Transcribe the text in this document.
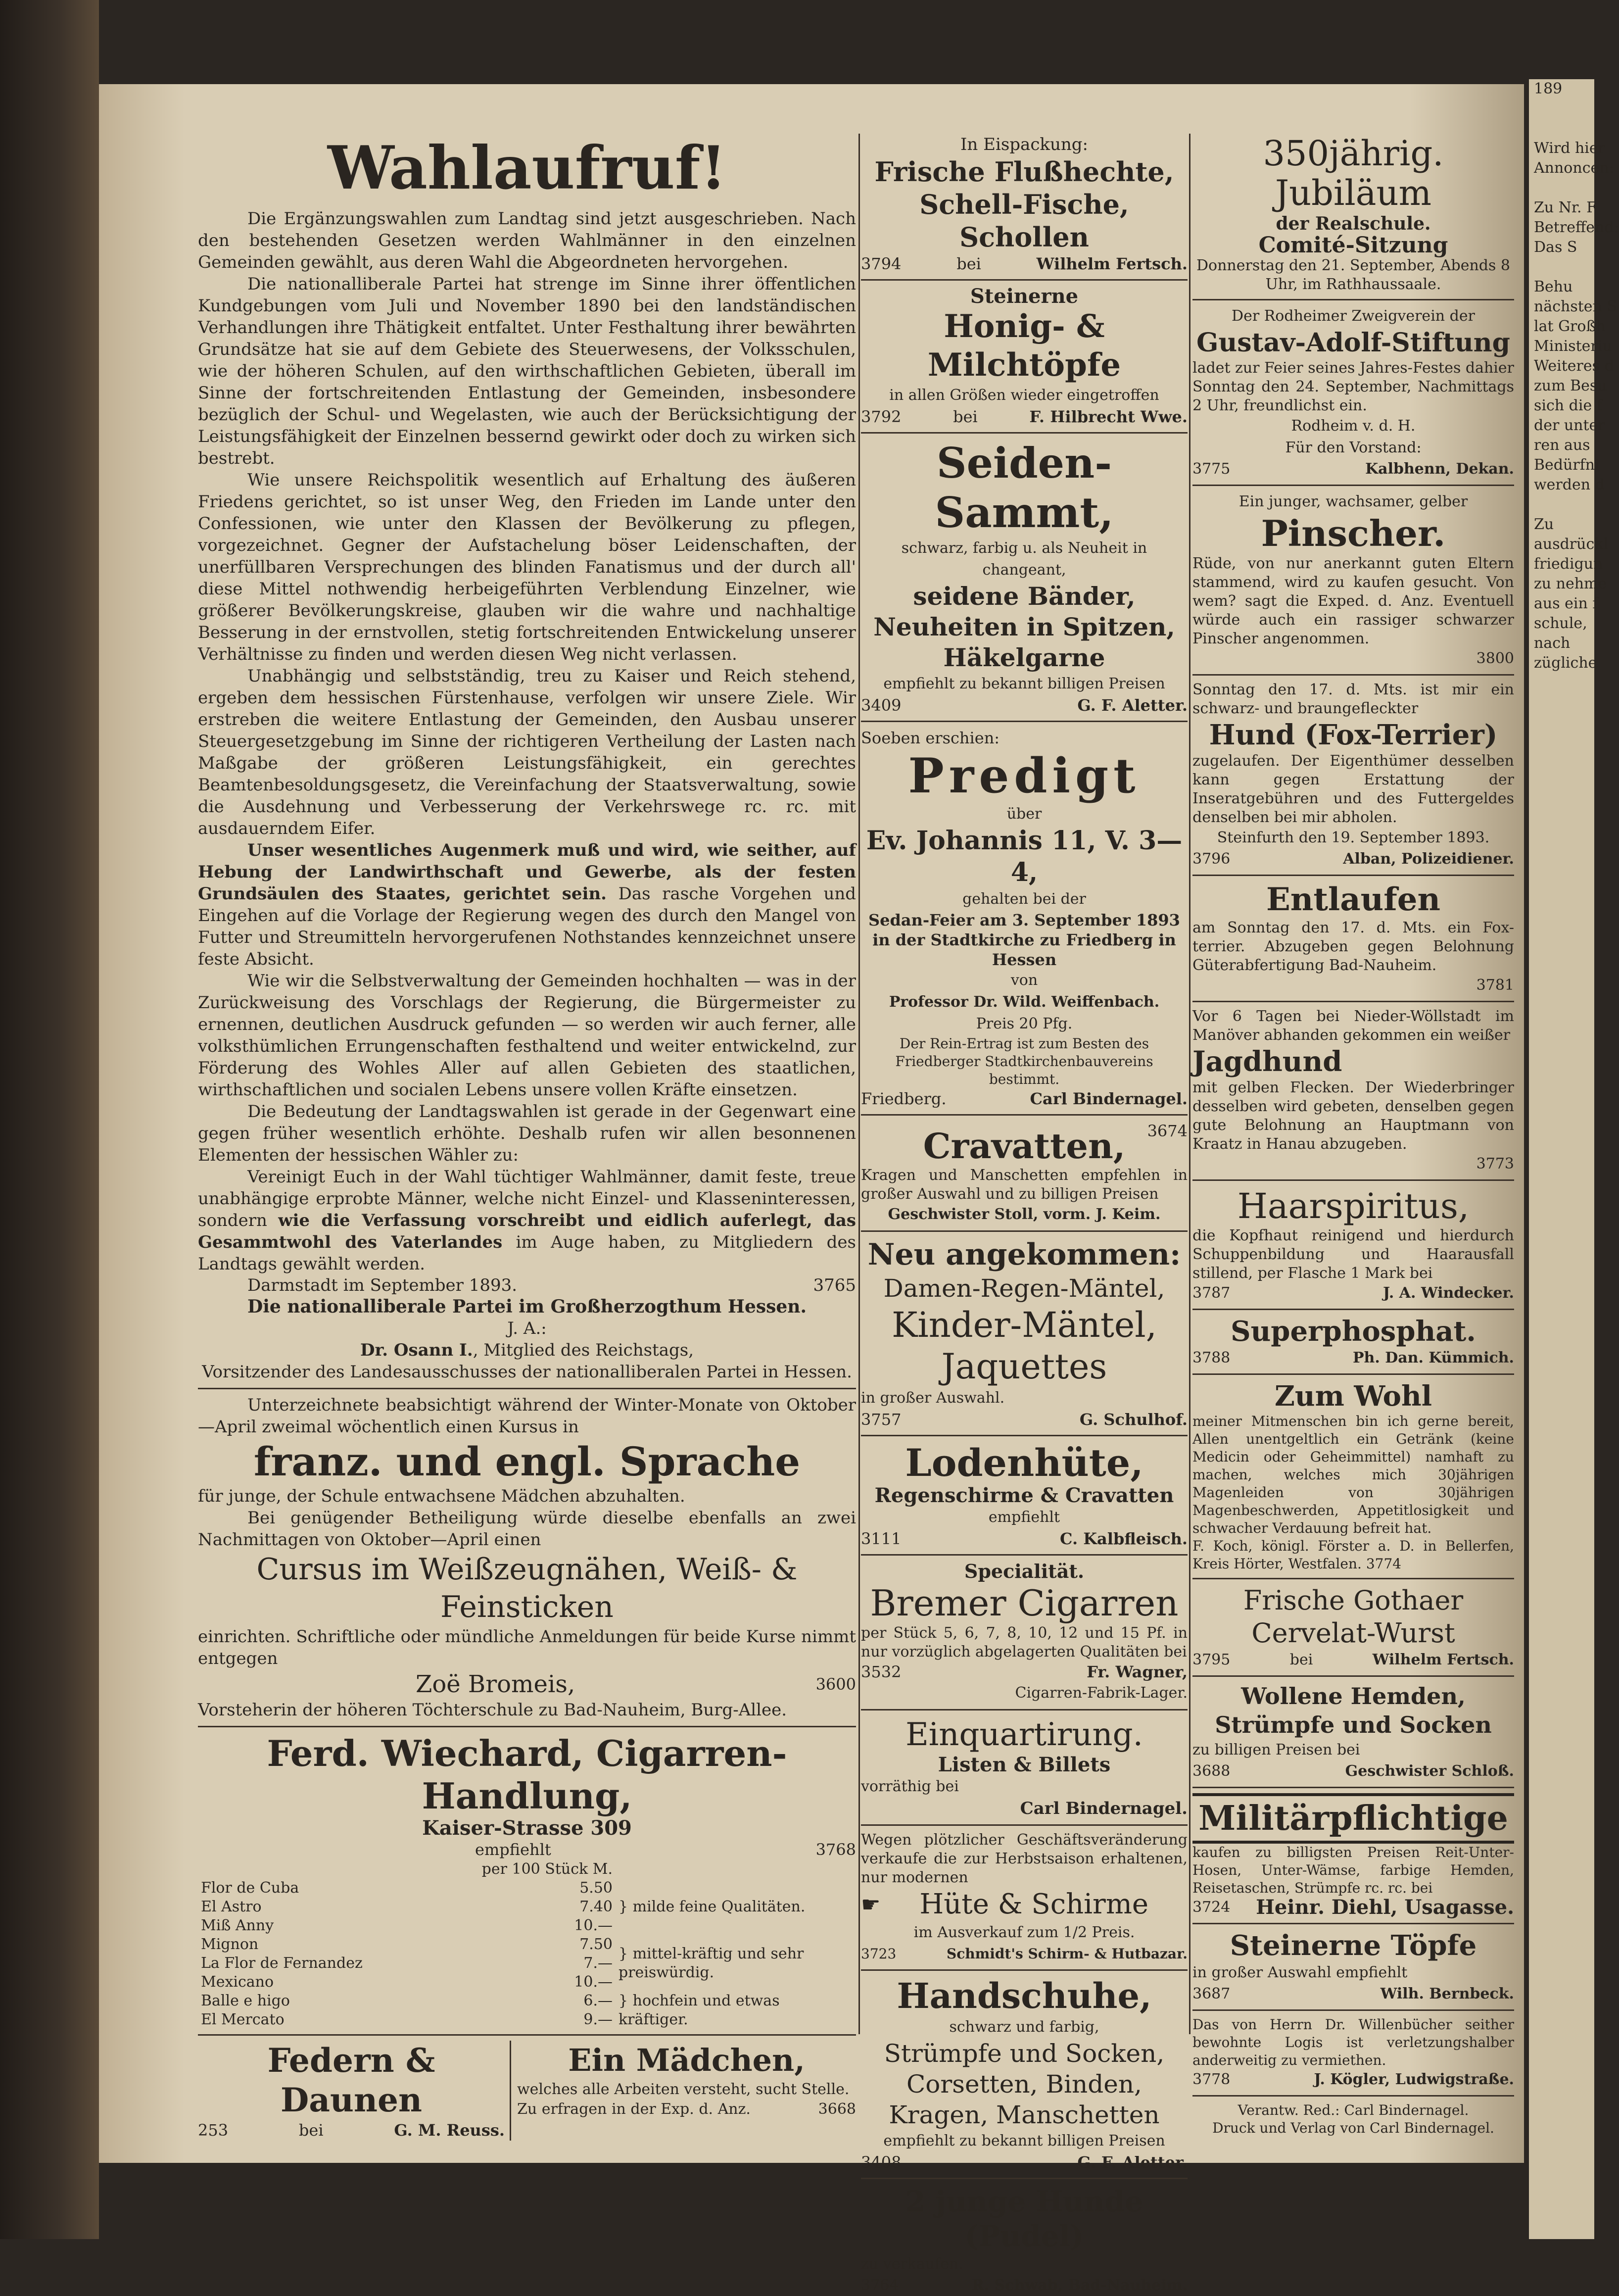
189

Wird hier
Annoncen:

Zu Nr. F
Betreffend:
Das S

Behu
nächsten S
lat Großh
Ministeriu
Weiteres d
zum Besu
sich die f
der unter
ren aus
Bedürfni
werden d

Zu
ausdrückl
friedigun
zu nehme
aus ein f
schule,
nach
zügliche
Wahlaufruf!

Die Ergänzungswahlen zum Landtag sind jetzt ausgeschrieben. Nach den bestehenden Gesetzen werden Wahlmänner in den einzelnen Gemeinden gewählt, aus deren Wahl die Abgeordneten hervorgehen.

Die nationalliberale Partei hat strenge im Sinne ihrer öffentlichen Kundgebungen vom Juli und November 1890 bei den landständischen Verhandlungen ihre Thätigkeit entfaltet. Unter Festhaltung ihrer bewährten Grundsätze hat sie auf dem Gebiete des Steuerwesens, der Volksschulen, wie der höheren Schulen, auf den wirthschaftlichen Gebieten, überall im Sinne der fortschreitenden Entlastung der Gemeinden, insbesondere bezüglich der Schul- und Wegelasten, wie auch der Berücksichtigung der Leistungsfähigkeit der Einzelnen bessernd gewirkt oder doch zu wirken sich bestrebt.

Wie unsere Reichspolitik wesentlich auf Erhaltung des äußeren Friedens gerichtet, so ist unser Weg, den Frieden im Lande unter den Confessionen, wie unter den Klassen der Bevölkerung zu pflegen, vorgezeichnet. Gegner der Aufstachelung böser Leidenschaften, der unerfüllbaren Versprechungen des blinden Fanatismus und der durch all' diese Mittel nothwendig herbeigeführten Verblendung Einzelner, wie größerer Bevölkerungskreise, glauben wir die wahre und nachhaltige Besserung in der ernstvollen, stetig fortschreitenden Entwickelung unserer Verhältnisse zu finden und werden diesen Weg nicht verlassen.

Unabhängig und selbstständig, treu zu Kaiser und Reich stehend, ergeben dem hessischen Fürstenhause, verfolgen wir unsere Ziele. Wir erstreben die weitere Entlastung der Gemeinden, den Ausbau unserer Steuergesetzgebung im Sinne der richtigeren Vertheilung der Lasten nach Maßgabe der größeren Leistungsfähigkeit, ein gerechtes Beamtenbesoldungsgesetz, die Vereinfachung der Staatsverwaltung, sowie die Ausdehnung und Verbesserung der Verkehrswege rc. rc. mit ausdauerndem Eifer.

Unser wesentliches Augenmerk muß und wird, wie seither, auf Hebung der Landwirthschaft und Gewerbe, als der festen Grundsäulen des Staates, gerichtet sein. Das rasche Vorgehen und Eingehen auf die Vorlage der Regierung wegen des durch den Mangel von Futter und Streumitteln hervorgerufenen Nothstandes kennzeichnet unsere feste Absicht.

Wie wir die Selbstverwaltung der Gemeinden hochhalten — was in der Zurückweisung des Vorschlags der Regierung, die Bürgermeister zu ernennen, deutlichen Ausdruck gefunden — so werden wir auch ferner, alle volksthümlichen Errungenschaften festhaltend und weiter entwickelnd, zur Förderung des Wohles Aller auf allen Gebieten des staatlichen, wirthschaftlichen und socialen Lebens unsere vollen Kräfte einsetzen.

Die Bedeutung der Landtagswahlen ist gerade in der Gegenwart eine gegen früher wesentlich erhöhte. Deshalb rufen wir allen besonnenen Elementen der hessischen Wähler zu:

Vereinigt Euch in der Wahl tüchtiger Wahlmänner, damit feste, treue unabhängige erprobte Männer, welche nicht Einzel- und Klasseninteressen, sondern wie die Verfassung vorschreibt und eidlich auferlegt, das Gesammtwohl des Vaterlandes im Auge haben, zu Mitgliedern des Landtags gewählt werden.

Darmstadt im September 1893.	3765

Die nationalliberale Partei im Großherzogthum Hessen.

J. A.:

Dr. Osann I., Mitglied des Reichstags,

Vorsitzender des Landesausschusses der nationalliberalen Partei in Hessen.

Unterzeichnete beabsichtigt während der Winter-Monate von Oktober—April zweimal wöchentlich einen Kursus in

franz. und engl. Sprache

für junge, der Schule entwachsene Mädchen abzuhalten.

Bei genügender Betheiligung würde dieselbe ebenfalls an zwei Nachmittagen von Oktober—April einen

Cursus im Weißzeugnähen, Weiß- & Feinsticken

einrichten. Schriftliche oder mündliche Anmeldungen für beide Kurse nimmt entgegen

Zoë Bromeis,	3600

Vorsteherin der höheren Töchterschule zu Bad-Nauheim, Burg-Allee.

Ferd. Wiechard, Cigarren-Handlung,

Kaiser-Strasse 309

empfiehlt	3768
	per 100 Stück M.	
Flor de Cuba	5.50	} milde feine Qualitäten.
El Astro	7.40	
Miß Anny	10.—	
Mignon	7.50	} mittel-kräftig und sehr preiswürdig.
La Flor de Fernandez	7.—	
Mexicano	10.—	
Balle e higo	6.—	} hochfein und etwas kräftiger.
El Mercato	9.—	

Federn & Daunen

253	bei	G. M. Reuss.

Ein Mädchen,

welches alle Arbeiten versteht, sucht Stelle.

Zu erfragen in der Exp. d. Anz.	3668

In Eispackung:

Frische Flußhechte, Schell-Fische, Schollen

3794	bei	Wilhelm Fertsch.

Steinerne

Honig- & Milchtöpfe

in allen Größen wieder eingetroffen

3792	bei	F. Hilbrecht Wwe.

Seiden-Sammt,

schwarz, farbig u. als Neuheit in changeant,

seidene Bänder, Neuheiten in Spitzen, Häkelgarne

empfiehlt zu bekannt billigen Preisen

3409	G. F. Aletter.

Soeben erschien:

Predigt

über

Ev. Johannis 11, V. 3—4,

gehalten bei der

Sedan-Feier am 3. September 1893 in der Stadtkirche zu Friedberg in Hessen

von

Professor Dr. Wild. Weiffenbach.

Preis 20 Pfg.

Der Rein-Ertrag ist zum Besten des Friedberger Stadtkirchenbauvereins bestimmt.

Friedberg.	Carl Bindernagel.
3674

Cravatten,

Kragen und Manschetten empfehlen in großer Auswahl und zu billigen Preisen

Geschwister Stoll, vorm. J. Keim.

Neu angekommen:

Damen-Regen-Mäntel,

Kinder-Mäntel, Jaquettes

in großer Auswahl.

3757	G. Schulhof.

Lodenhüte,

Regenschirme & Cravatten

empfiehlt

3111	C. Kalbfleisch.

Specialität.

Bremer Cigarren

per Stück 5, 6, 7, 8, 10, 12 und 15 Pf. in nur vorzüglich abgelagerten Qualitäten bei

3532	Fr. Wagner,

Cigarren-Fabrik-Lager.

Einquartirung.

Listen & Billets

vorräthig bei

Carl Bindernagel.

Wegen plötzlicher Geschäftsveränderung verkaufe die zur Herbstsaison erhaltenen, nur modernen

☛	Hüte & Schirme

im Ausverkauf zum 1/2 Preis.

3723	Schmidt's Schirm- & Hutbazar.

Handschuhe,

schwarz und farbig,

Strümpfe und Socken, Corsetten, Binden, Kragen, Manschetten

empfiehlt zu bekannt billigen Preisen

3408	G. F. Aletter.

2 junge Hunde (Pudel)

zu verkaufen.

3764	R. Schwab, Bad-Nauheim.

350jährig. Jubiläum

der Realschule.

Comité-Sitzung

Donnerstag den 21. September, Abends 8 Uhr, im Rathhaussaale.

Der Rodheimer Zweigverein der

Gustav-Adolf-Stiftung

ladet zur Feier seines Jahres-Festes dahier Sonntag den 24. September, Nachmittags 2 Uhr, freundlichst ein.

Rodheim v. d. H.

Für den Vorstand:

3775	Kalbhenn, Dekan.

Ein junger, wachsamer, gelber

Pinscher.

Rüde, von nur anerkannt guten Eltern stammend, wird zu kaufen gesucht. Von wem? sagt die Exped. d. Anz. Eventuell würde auch ein rassiger schwarzer Pinscher angenommen.

3800

Sonntag den 17. d. Mts. ist mir ein schwarz- und braungefleckter

Hund (Fox-Terrier)

zugelaufen. Der Eigenthümer desselben kann gegen Erstattung der Inseratgebühren und des Futtergeldes denselben bei mir abholen.

Steinfurth den 19. September 1893.

3796	Alban, Polizeidiener.

Entlaufen

am Sonntag den 17. d. Mts. ein Fox-terrier. Abzugeben gegen Belohnung Güterabfertigung Bad-Nauheim.

3781

Vor 6 Tagen bei Nieder-Wöllstadt im Manöver abhanden gekommen ein weißer

Jagdhund

mit gelben Flecken. Der Wiederbringer desselben wird gebeten, denselben gegen gute Belohnung an Hauptmann von Kraatz in Hanau abzugeben.

3773

Haarspiritus,

die Kopfhaut reinigend und hierdurch Schuppenbildung und Haarausfall stillend, per Flasche 1 Mark bei

3787	J. A. Windecker.

Superphosphat.

3788	Ph. Dan. Kümmich.

Zum Wohl

meiner Mitmenschen bin ich gerne bereit, Allen unentgeltlich ein Getränk (keine Medicin oder Geheimmittel) namhaft zu machen, welches mich 30jährigen Magenleiden von 30jährigen Magenbeschwerden, Appetitlosigkeit und schwacher Verdauung befreit hat.

F. Koch, königl. Förster a. D. in Bellerfen, Kreis Hörter, Westfalen. 3774

Frische Gothaer Cervelat-Wurst

3795	bei	Wilhelm Fertsch.

Wollene Hemden, Strümpfe und Socken

zu billigen Preisen bei

3688	Geschwister Schloß.

Militärpflichtige

kaufen zu billigsten Preisen Reit-Unter-Hosen, Unter-Wämse, farbige Hemden, Reisetaschen, Strümpfe rc. rc. bei

3724 Heinr. Diehl, Usagasse.

Steinerne Töpfe

in großer Auswahl empfiehlt

3687	Wilh. Bernbeck.

Das von Herrn Dr. Willenbücher seither bewohnte Logis ist verletzungshalber anderweitig zu vermiethen.

3778	J. Kögler, Ludwigstraße.

Verantw. Red.: Carl Bindernagel.

Druck und Verlag von Carl Bindernagel.
